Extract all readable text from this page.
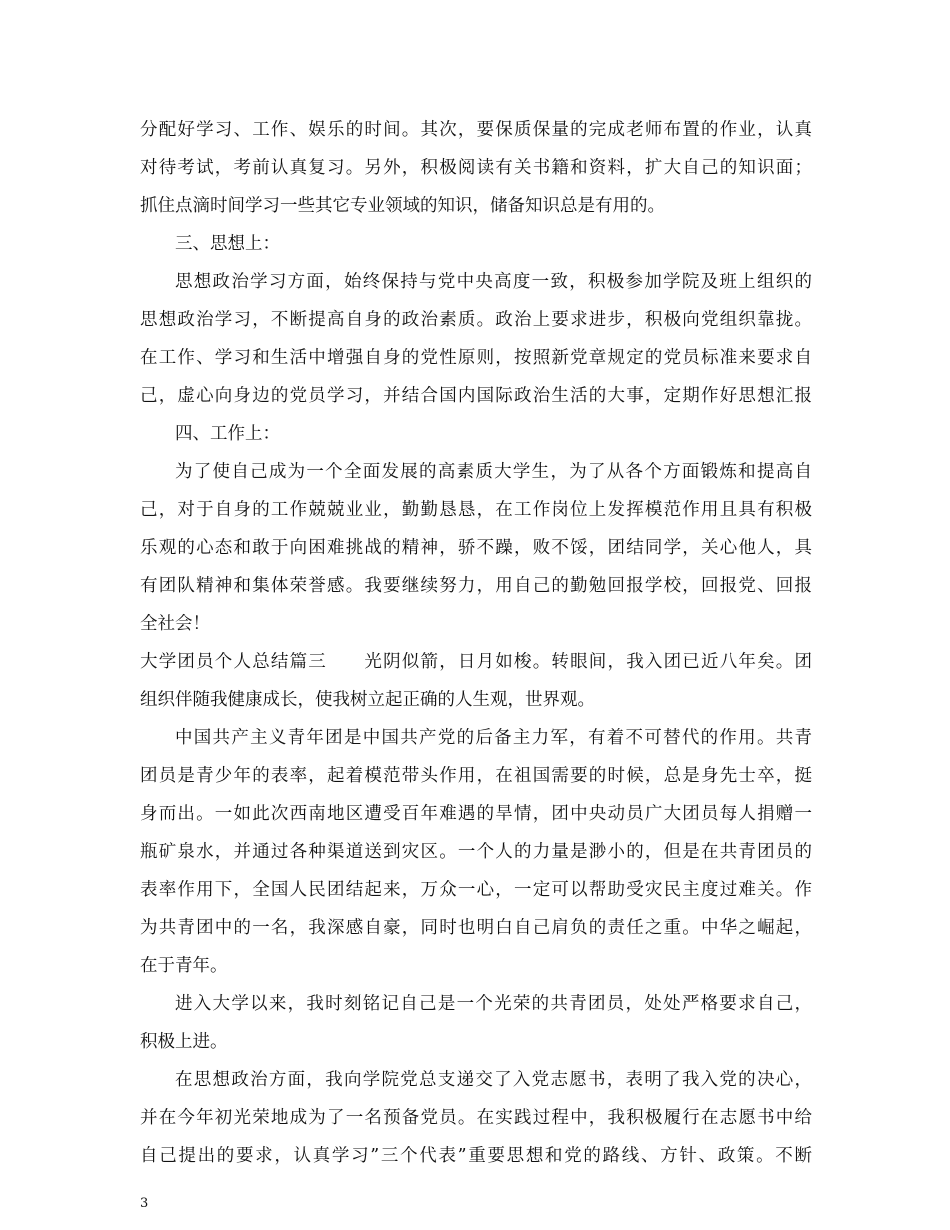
分配好学习、工作、娱乐的时间。其次，要保质保量的完成老师布置的作业，认真
对待考试，考前认真复习。另外，积极阅读有关书籍和资料，扩大自己的知识面；
抓住点滴时间学习一些其它专业领域的知识，储备知识总是有用的。
三、思想上：
思想政治学习方面，始终保持与党中央高度一致，积极参加学院及班上组织的
思想政治学习，不断提高自身的政治素质。政治上要求进步，积极向党组织靠拢。
在工作、学习和生活中增强自身的党性原则，按照新党章规定的党员标准来要求自
己，虚心向身边的党员学习，并结合国内国际政治生活的大事，定期作好思想汇报
四、工作上：
为了使自己成为一个全面发展的高素质大学生，为了从各个方面锻炼和提高自
己，对于自身的工作兢兢业业，勤勤恳恳，在工作岗位上发挥模范作用且具有积极
乐观的心态和敢于向困难挑战的精神，骄不躁，败不馁，团结同学，关心他人，具
有团队精神和集体荣誉感。我要继续努力，用自己的勤勉回报学校，回报党、回报
全社会！
大学团员个人总结篇三　　光阴似箭，日月如梭。转眼间，我入团已近八年矣。团
组织伴随我健康成长，使我树立起正确的人生观，世界观。
中国共产主义青年团是中国共产党的后备主力军，有着不可替代的作用。共青
团员是青少年的表率，起着模范带头作用，在祖国需要的时候，总是身先士卒，挺
身而出。一如此次西南地区遭受百年难遇的旱情，团中央动员广大团员每人捐赠一
瓶矿泉水，并通过各种渠道送到灾区。一个人的力量是渺小的，但是在共青团员的
表率作用下，全国人民团结起来，万众一心，一定可以帮助受灾民主度过难关。作
为共青团中的一名，我深感自豪，同时也明白自己肩负的责任之重。中华之崛起，
在于青年。
进入大学以来，我时刻铭记自己是一个光荣的共青团员，处处严格要求自己，
积极上进。
在思想政治方面，我向学院党总支递交了入党志愿书，表明了我入党的决心，
并在今年初光荣地成为了一名预备党员。在实践过程中，我积极履行在志愿书中给
自己提出的要求，认真学习”三个代表”重要思想和党的路线、方针、政策。不断
3
